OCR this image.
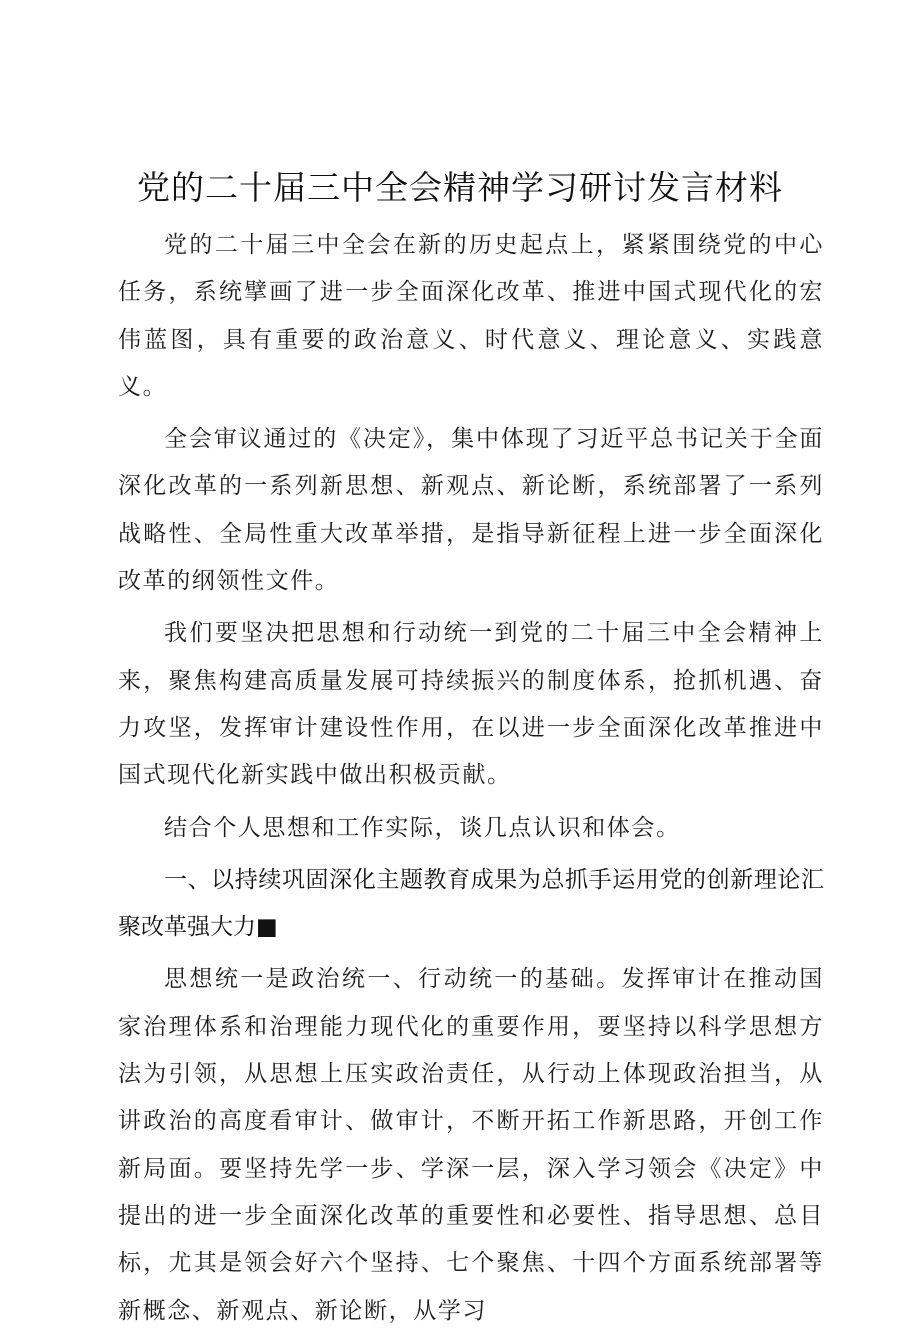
党的二十届三中全会精神学习研讨发言材料

党的二十届三中全会在新的历史起点上，紧紧围绕党的中心任务，系统擘画了进一步全面深化改革、推进中国式现代化的宏伟蓝图，具有重要的政治意义、时代意义、理论意义、实践意义。

全会审议通过的《决定》，集中体现了习近平总书记关于全面深化改革的一系列新思想、新观点、新论断，系统部署了一系列战略性、全局性重大改革举措，是指导新征程上进一步全面深化改革的纲领性文件。

我们要坚决把思想和行动统一到党的二十届三中全会精神上来，聚焦构建高质量发展可持续振兴的制度体系，抢抓机遇、奋力攻坚，发挥审计建设性作用，在以进一步全面深化改革推进中国式现代化新实践中做出积极贡献。

结合个人思想和工作实际，谈几点认识和体会。

一、以持续巩固深化主题教育成果为总抓手运用党的创新理论汇聚改革强大力■

思想统一是政治统一、行动统一的基础。发挥审计在推动国家治理体系和治理能力现代化的重要作用，要坚持以科学思想方法为引领，从思想上压实政治责任，从行动上体现政治担当，从讲政治的高度看审计、做审计，不断开拓工作新思路，开创工作新局面。要坚持先学一步、学深一层，深入学习领会《决定》中提出的进一步全面深化改革的重要性和必要性、指导思想、总目标，尤其是领会好六个坚持、七个聚焦、十四个方面系统部署等新概念、新观点、新论断，从学习
